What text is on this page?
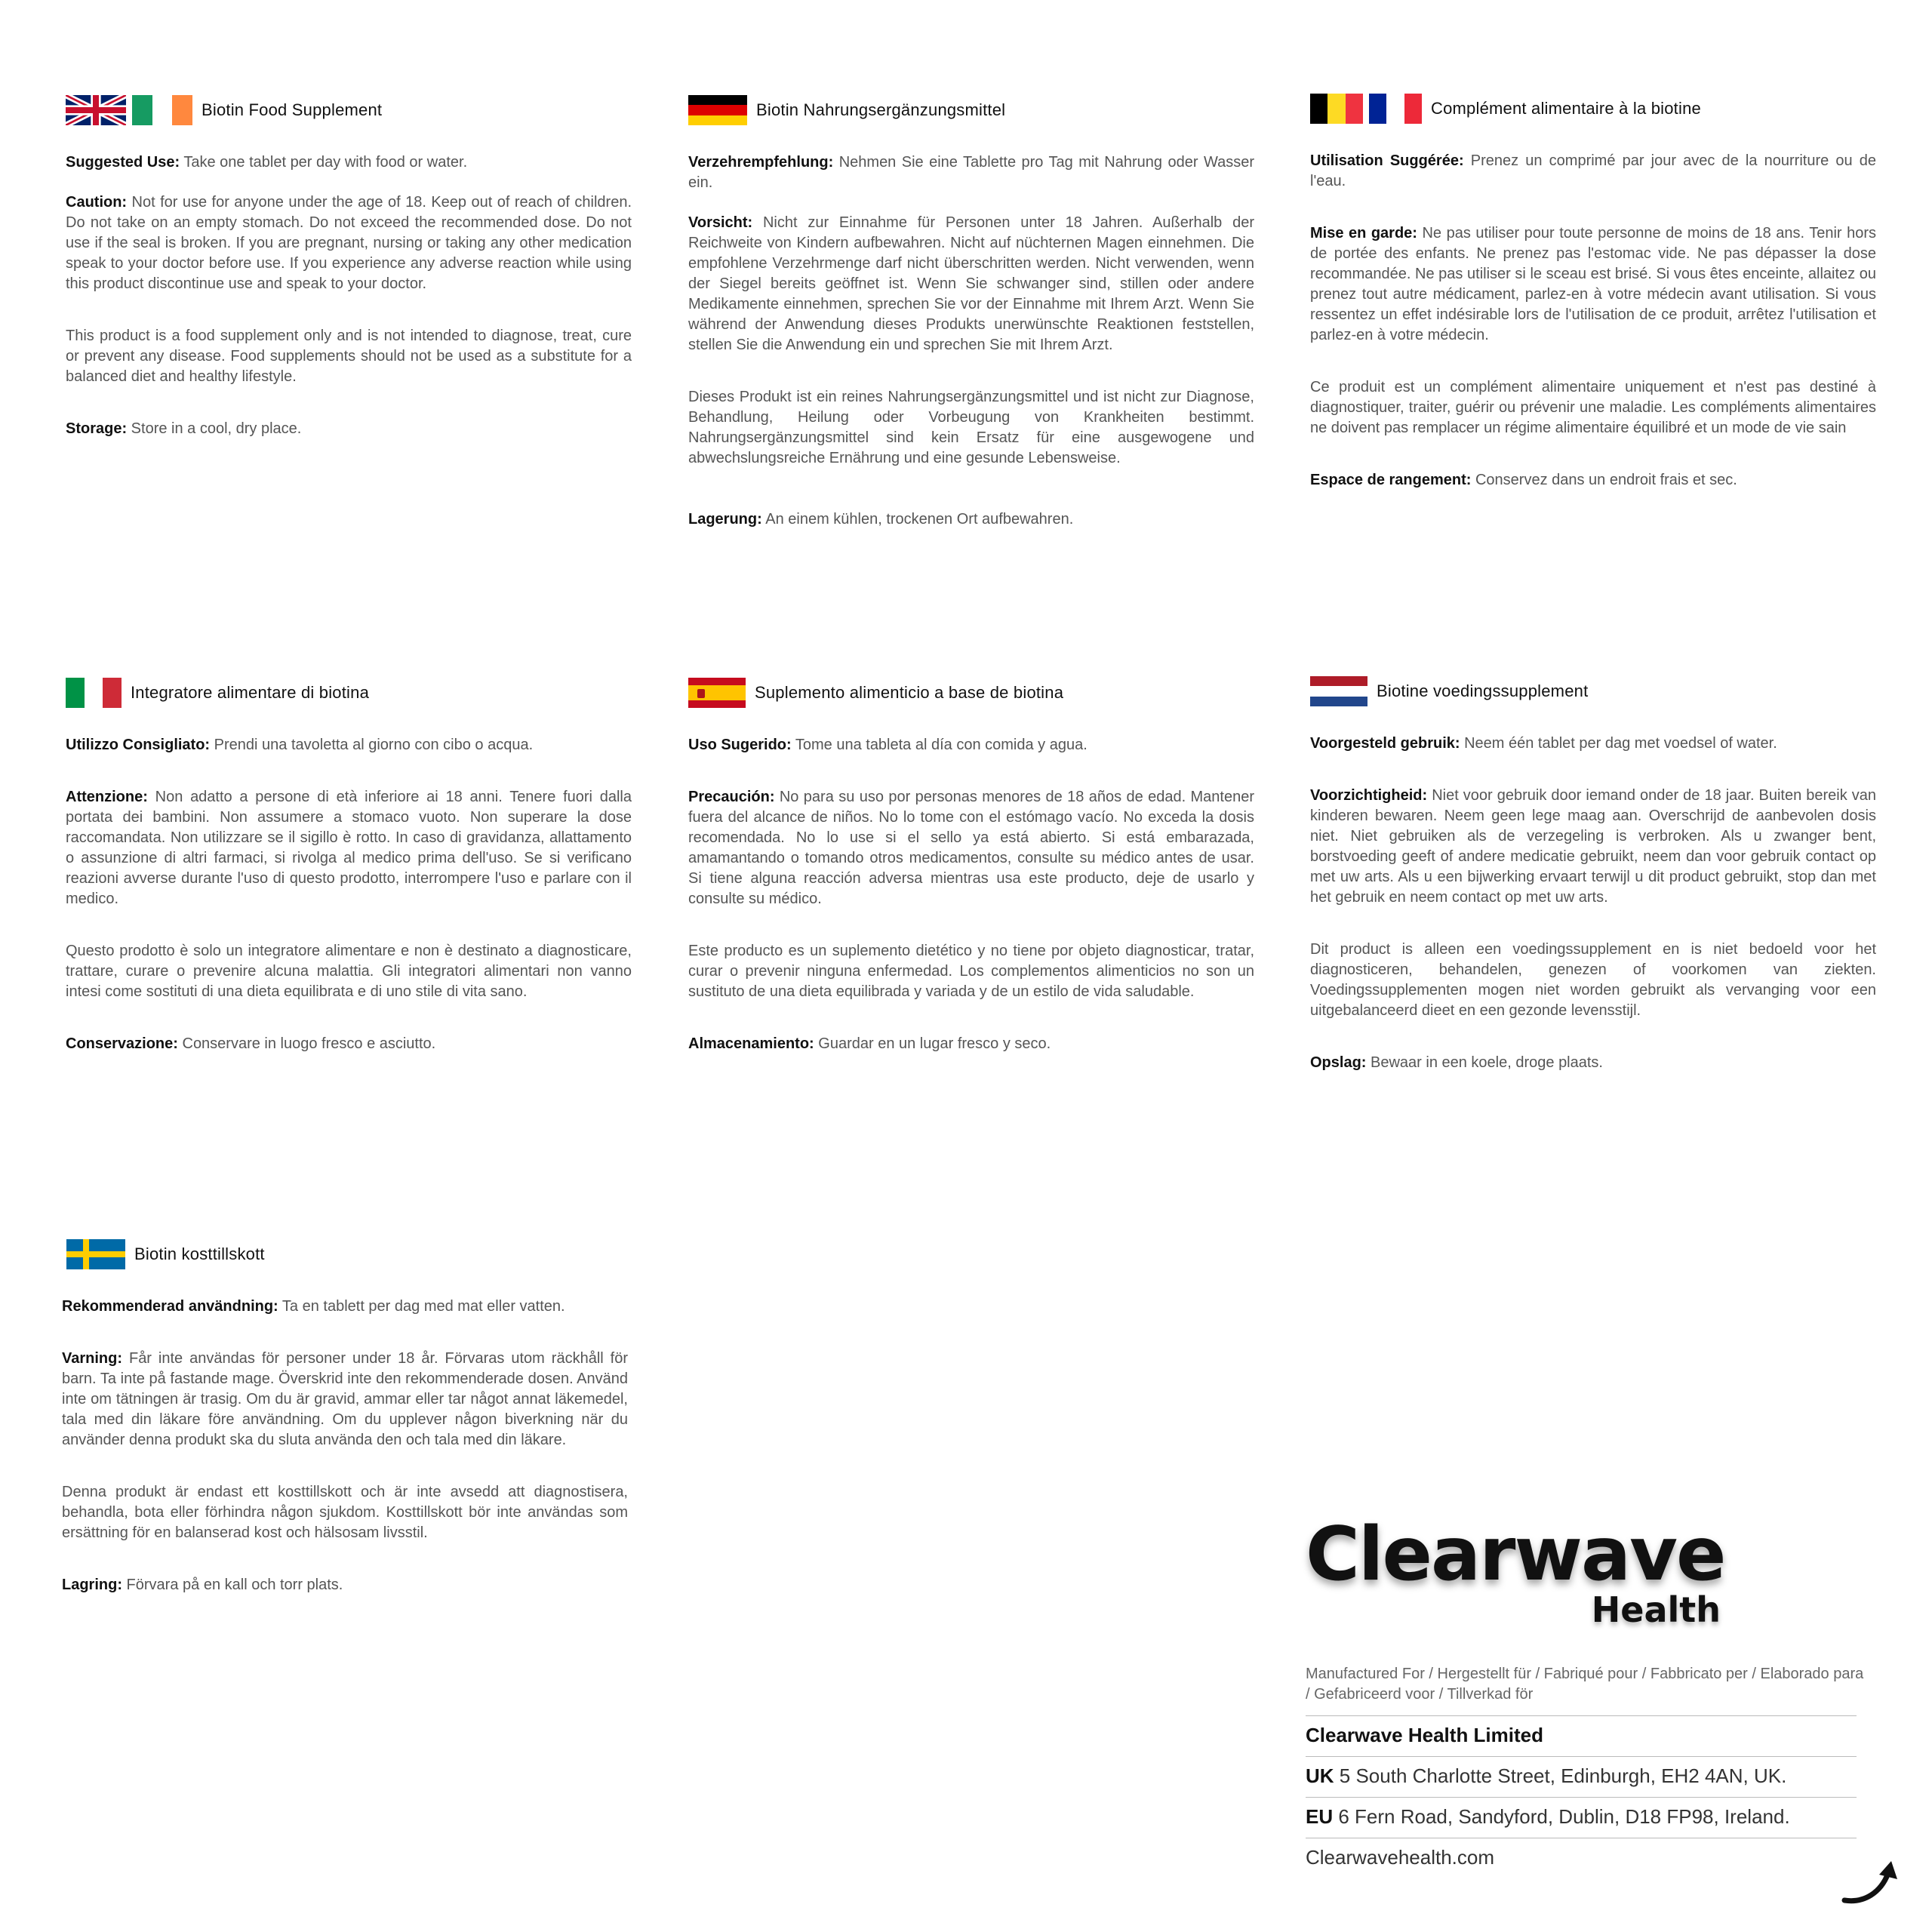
Biotin Food Supplement

Suggested Use: Take one tablet per day with food or water.

Caution: Not for use for anyone under the age of 18. Keep out of reach of children. Do not take on an empty stomach. Do not exceed the recommended dose. Do not use if the seal is broken. If you are pregnant, nursing or taking any other medication speak to your doctor before use. If you experience any adverse reaction while using this product discontinue use and speak to your doctor.

This product is a food supplement only and is not intended to diagnose, treat, cure or prevent any disease. Food supplements should not be used as a substitute for a balanced diet and healthy lifestyle.

Storage: Store in a cool, dry place.

Biotin Nahrungsergänzungsmittel

Verzehrempfehlung: Nehmen Sie eine Tablette pro Tag mit Nahrung oder Wasser ein.

Vorsicht: Nicht zur Einnahme für Personen unter 18 Jahren. Außerhalb der Reichweite von Kindern aufbewahren. Nicht auf nüchternen Magen einnehmen. Die empfohlene Verzehrmenge darf nicht überschritten werden. Nicht verwenden, wenn der Siegel bereits geöffnet ist. Wenn Sie schwanger sind, stillen oder andere Medikamente einnehmen, sprechen Sie vor der Einnahme mit Ihrem Arzt. Wenn Sie während der Anwendung dieses Produkts unerwünschte Reaktionen feststellen, stellen Sie die Anwendung ein und sprechen Sie mit Ihrem Arzt.

Dieses Produkt ist ein reines Nahrungsergänzungsmittel und ist nicht zur Diagnose, Behandlung, Heilung oder Vorbeugung von Krankheiten bestimmt. Nahrungsergänzungsmittel sind kein Ersatz für eine ausgewogene und abwechslungsreiche Ernährung und eine gesunde Lebensweise.

Lagerung: An einem kühlen, trockenen Ort aufbewahren.

Complément alimentaire à la biotine

Utilisation Suggérée: Prenez un comprimé par jour avec de la nourriture ou de l'eau.

Mise en garde: Ne pas utiliser pour toute personne de moins de 18 ans. Tenir hors de portée des enfants. Ne prenez pas l'estomac vide. Ne pas dépasser la dose recommandée. Ne pas utiliser si le sceau est brisé. Si vous êtes enceinte, allaitez ou prenez tout autre médicament, parlez-en à votre médecin avant utilisation. Si vous ressentez un effet indésirable lors de l'utilisation de ce produit, arrêtez l'utilisation et parlez-en à votre médecin.

Ce produit est un complément alimentaire uniquement et n'est pas destiné à diagnostiquer, traiter, guérir ou prévenir une maladie. Les compléments alimentaires ne doivent pas remplacer un régime alimentaire équilibré et un mode de vie sain

Espace de rangement: Conservez dans un endroit frais et sec.

Integratore alimentare di biotina

Utilizzo Consigliato: Prendi una tavoletta al giorno con cibo o acqua.

Attenzione: Non adatto a persone di età inferiore ai 18 anni. Tenere fuori dalla portata dei bambini. Non assumere a stomaco vuoto. Non superare la dose raccomandata. Non utilizzare se il sigillo è rotto. In caso di gravidanza, allattamento o assunzione di altri farmaci, si rivolga al medico prima dell'uso. Se si verificano reazioni avverse durante l'uso di questo prodotto, interrompere l'uso e parlare con il medico.

Questo prodotto è solo un integratore alimentare e non è destinato a diagnosticare, trattare, curare o prevenire alcuna malattia. Gli integratori alimentari non vanno intesi come sostituti di una dieta equilibrata e di uno stile di vita sano.

Conservazione: Conservare in luogo fresco e asciutto.

Suplemento alimenticio a base de biotina

Uso Sugerido: Tome una tableta al día con comida y agua.

Precaución: No para su uso por personas menores de 18 años de edad. Mantener fuera del alcance de niños. No lo tome con el estómago vacío. No exceda la dosis recomendada. No lo use si el sello ya está abierto. Si está embarazada, amamantando o tomando otros medicamentos, consulte su médico antes de usar. Si tiene alguna reacción adversa mientras usa este producto, deje de usarlo y consulte su médico.

Este producto es un suplemento dietético y no tiene por objeto diagnosticar, tratar, curar o prevenir ninguna enfermedad. Los complementos alimenticios no son un sustituto de una dieta equilibrada y variada y de un estilo de vida saludable.

Almacenamiento: Guardar en un lugar fresco y seco.

Biotine voedingssupplement

Voorgesteld gebruik: Neem één tablet per dag met voedsel of water.

Voorzichtigheid: Niet voor gebruik door iemand onder de 18 jaar. Buiten bereik van kinderen bewaren. Neem geen lege maag aan. Overschrijd de aanbevolen dosis niet. Niet gebruiken als de verzegeling is verbroken. Als u zwanger bent, borstvoeding geeft of andere medicatie gebruikt, neem dan voor gebruik contact op met uw arts. Als u een bijwerking ervaart terwijl u dit product gebruikt, stop dan met het gebruik en neem contact op met uw arts.

Dit product is alleen een voedingssupplement en is niet bedoeld voor het diagnosticeren, behandelen, genezen of voorkomen van ziekten. Voedingssupplementen mogen niet worden gebruikt als vervanging voor een uitgebalanceerd dieet en een gezonde levensstijl.

Opslag: Bewaar in een koele, droge plaats.

Biotin kosttillskott

Rekommenderad användning: Ta en tablett per dag med mat eller vatten.

Varning: Får inte användas för personer under 18 år. Förvaras utom räckhåll för barn. Ta inte på fastande mage. Överskrid inte den rekommenderade dosen. Använd inte om tätningen är trasig. Om du är gravid, ammar eller tar något annat läkemedel, tala med din läkare före användning. Om du upplever någon biverkning när du använder denna produkt ska du sluta använda den och tala med din läkare.

Denna produkt är endast ett kosttillskott och är inte avsedd att diagnostisera, behandla, bota eller förhindra någon sjukdom. Kosttillskott bör inte användas som ersättning för en balanserad kost och hälsosam livsstil.

Lagring: Förvara på en kall och torr plats.	Clearwave
Health
Manufactured For / Hergestellt für / Fabriqué pour / Fabbricato per / Elaborado para / Gefabriceerd voor / Tillverkad för
Clearwave Health Limited
UK 5 South Charlotte Street, Edinburgh, EH2 4AN, UK.
EU 6 Fern Road, Sandyford, Dublin, D18 FP98, Ireland.
Clearwavehealth.com
